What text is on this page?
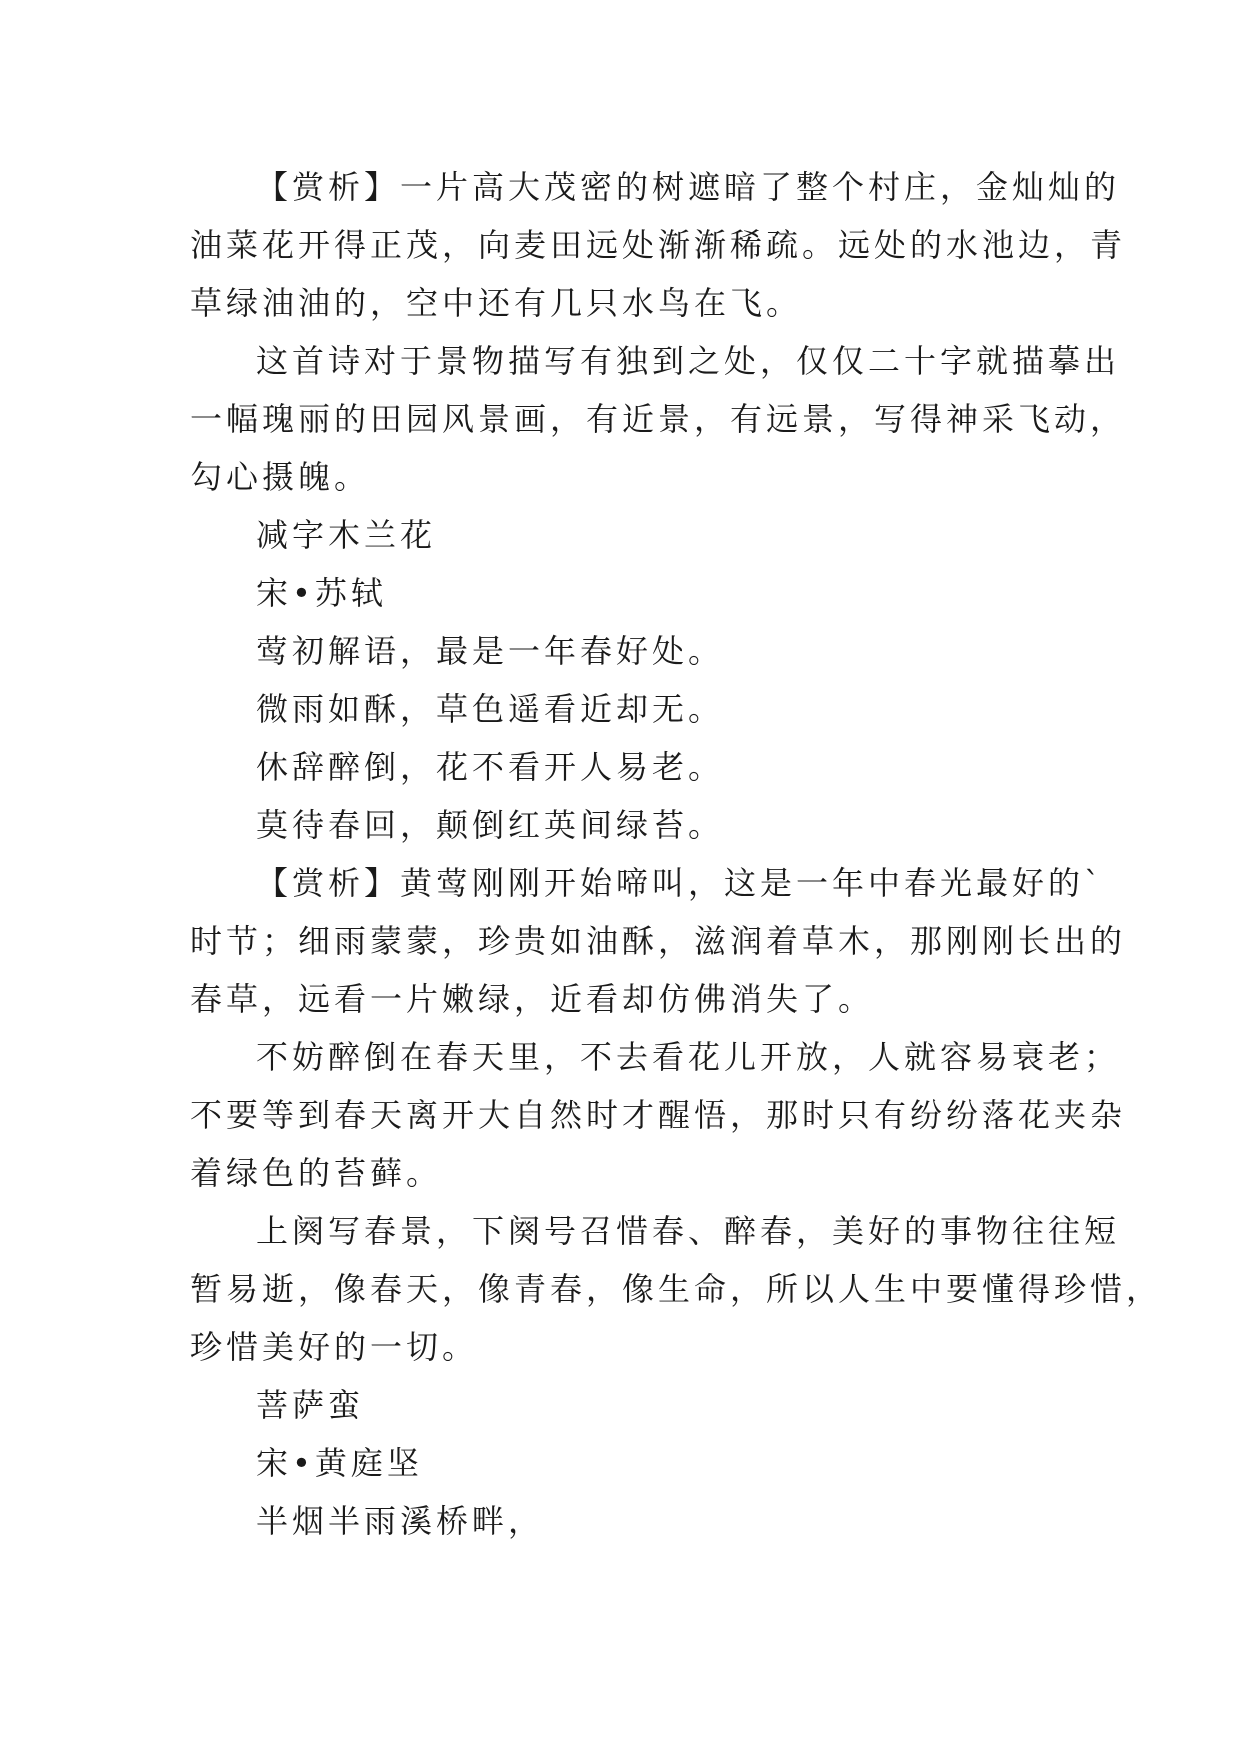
【赏析】一片高大茂密的树遮暗了整个村庄，金灿灿的
油菜花开得正茂，向麦田远处渐渐稀疏。远处的水池边，青
草绿油油的，空中还有几只水鸟在飞。
这首诗对于景物描写有独到之处，仅仅二十字就描摹出
一幅瑰丽的田园风景画，有近景，有远景，写得神采飞动，
勾心摄魄。
减字木兰花
宋•苏轼
莺初解语，最是一年春好处。
微雨如酥，草色遥看近却无。
休辞醉倒，花不看开人易老。
莫待春回，颠倒红英间绿苔。
【赏析】黄莺刚刚开始啼叫，这是一年中春光最好的`
时节；细雨蒙蒙，珍贵如油酥，滋润着草木，那刚刚长出的
春草，远看一片嫩绿，近看却仿佛消失了。
不妨醉倒在春天里，不去看花儿开放，人就容易衰老；
不要等到春天离开大自然时才醒悟，那时只有纷纷落花夹杂
着绿色的苔藓。
上阕写春景，下阕号召惜春、醉春，美好的事物往往短
暂易逝，像春天，像青春，像生命，所以人生中要懂得珍惜，
珍惜美好的一切。
菩萨蛮
宋•黄庭坚
半烟半雨溪桥畔，
